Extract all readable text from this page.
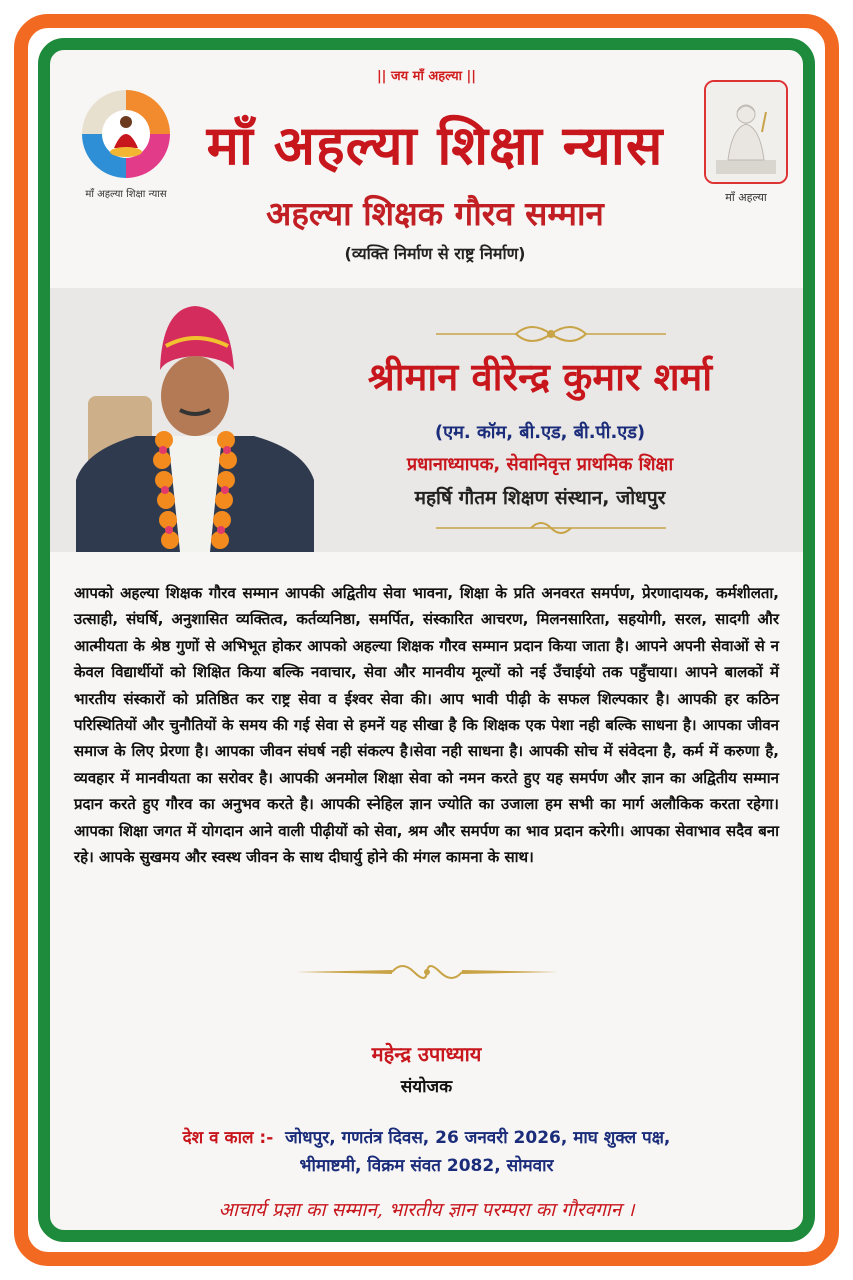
|| जय माँ अहल्या ||
माँ अहल्या शिक्षा न्यास
माँ अहल्या शिक्षा न्यास
अहल्या शिक्षक गौरव सम्मान
(व्यक्ति निर्माण से राष्ट्र निर्माण)
माँ अहल्या
श्रीमान वीरेन्द्र कुमार शर्मा
(एम. कॉम, बी.एड, बी.पी.एड)
प्रधानाध्यापक, सेवानिवृत्त प्राथमिक शिक्षा
महर्षि गौतम शिक्षण संस्थान, जोधपुर
आपको अहल्या शिक्षक गौरव सम्मान आपकी अद्वितीय सेवा भावना, शिक्षा के प्रति अनवरत समर्पण, प्रेरणादायक, कर्मशीलता, उत्साही, संघर्षि, अनुशासित व्यक्तित्व, कर्तव्यनिष्ठा, समर्पित, संस्कारित आचरण, मिलनसारिता, सहयोगी, सरल, सादगी और आत्मीयता के श्रेष्ठ गुणों से अभिभूत होकर आपको अहल्या शिक्षक गौरव सम्मान प्रदान किया जाता है। आपने अपनी सेवाओं से न केवल विद्यार्थीयों को शिक्षित किया बल्कि नवाचार, सेवा और मानवीय मूल्यों को नई उँचाईयो तक पहुँचाया। आपने बालकों में भारतीय संस्कारों को प्रतिष्ठित कर राष्ट्र सेवा व ईश्वर सेवा की। आप भावी पीढ़ी के सफल शिल्पकार है। आपकी हर कठिन परिस्थितियों और चुनौतियों के समय की गई सेवा से हमनें यह सीखा है कि शिक्षक एक पेशा नही बल्कि साधना है। आपका जीवन समाज के लिए प्रेरणा है। आपका जीवन संघर्ष नही संकल्प है।सेवा नही साधना है। आपकी सोच में संवेदना है, कर्म में करुणा है, व्यवहार में मानवीयता का सरोवर है। आपकी अनमोल शिक्षा सेवा को नमन करते हुए यह समर्पण और ज्ञान का अद्वितीय सम्मान प्रदान करते हुए गौरव का अनुभव करते है। आपकी स्नेहिल ज्ञान ज्योति का उजाला हम सभी का मार्ग अलौकिक करता रहेगा। आपका शिक्षा जगत में योगदान आने वाली पीढ़ीयों को सेवा, श्रम और समर्पण का भाव प्रदान करेगी। आपका सेवाभाव सदैव बना रहे। आपके सुखमय और स्वस्थ जीवन के साथ दीघार्यु होने की मंगल कामना के साथ।
महेन्द्र उपाध्याय
संयोजक
देश व काल :- जोधपुर, गणतंत्र दिवस, 26 जनवरी 2026, माघ शुक्ल पक्ष,
भीमाष्टमी, विक्रम संवत 2082, सोमवार
आचार्य प्रज्ञा का सम्मान, भारतीय ज्ञान परम्परा का गौरवगान ।
